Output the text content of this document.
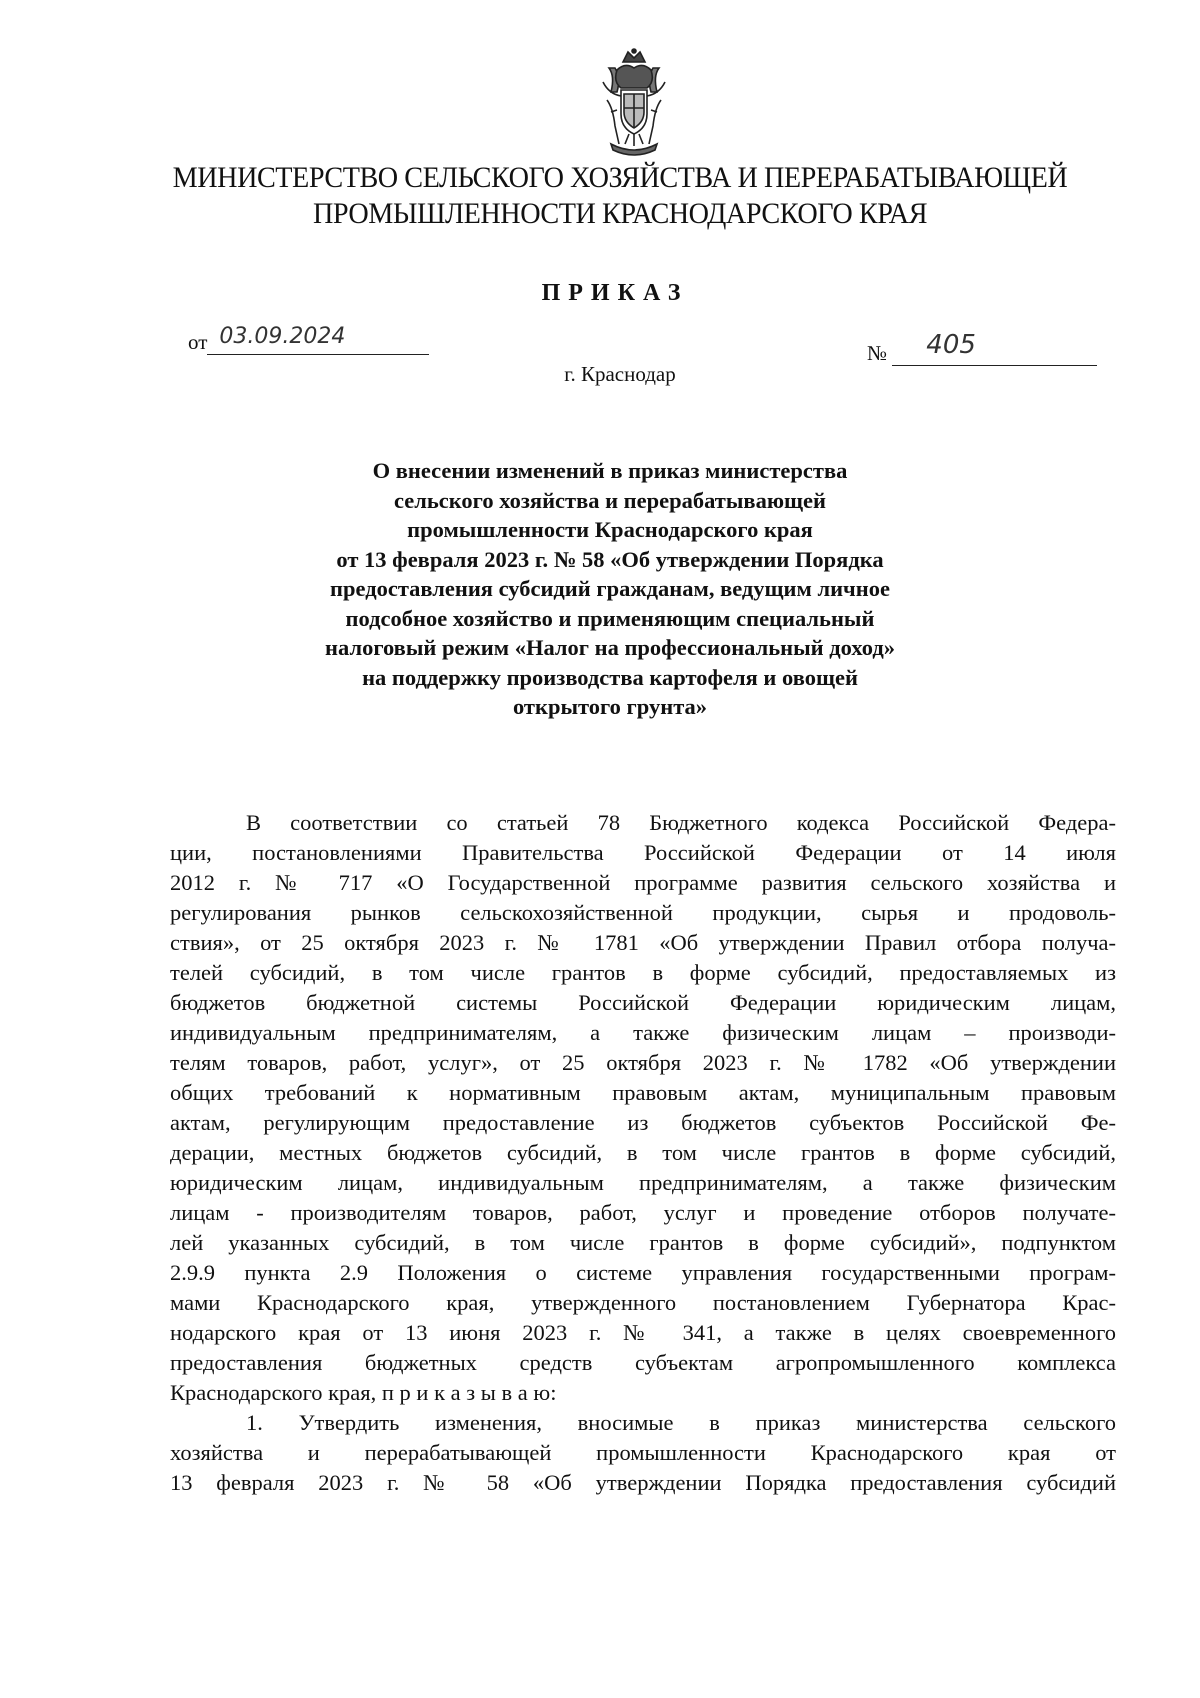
МИНИСТЕРСТВО СЕЛЬСКОГО ХОЗЯЙСТВА И ПЕРЕРАБАТЫВАЮЩЕЙ
ПРОМЫШЛЕННОСТИ КРАСНОДАРСКОГО КРАЯ
ПРИКАЗ
от 03.09.2024
№ 405
г. Краснодар
О внесении изменений в приказ министерства
сельского хозяйства и перерабатывающей
промышленности Краснодарского края
от 13 февраля 2023 г. № 58 «Об утверждении Порядка
предоставления субсидий гражданам, ведущим личное
подсобное хозяйство и применяющим специальный
налоговый режим «Налог на профессиональный доход»
на поддержку производства картофеля и овощей
открытого грунта»
В соответствии со статьей 78 Бюджетного кодекса Российской Федера-
ции, постановлениями Правительства Российской Федерации от 14 июля
2012 г. № 717 «О Государственной программе развития сельского хозяйства и
регулирования рынков сельскохозяйственной продукции, сырья и продоволь-
ствия», от 25 октября 2023 г. № 1781 «Об утверждении Правил отбора получа-
телей субсидий, в том числе грантов в форме субсидий, предоставляемых из
бюджетов бюджетной системы Российской Федерации юридическим лицам,
индивидуальным предпринимателям, а также физическим лицам – производи-
телям товаров, работ, услуг», от 25 октября 2023 г. № 1782 «Об утверждении
общих требований к нормативным правовым актам, муниципальным правовым
актам, регулирующим предоставление из бюджетов субъектов Российской Фе-
дерации, местных бюджетов субсидий, в том числе грантов в форме субсидий,
юридическим лицам, индивидуальным предпринимателям, а также физическим
лицам - производителям товаров, работ, услуг и проведение отборов получате-
лей указанных субсидий, в том числе грантов в форме субсидий», подпунктом
2.9.9 пункта 2.9 Положения о системе управления государственными програм-
мами Краснодарского края, утвержденного постановлением Губернатора Крас-
нодарского края от 13 июня 2023 г. № 341, а также в целях своевременного
предоставления бюджетных средств субъектам агропромышленного комплекса
Краснодарского края, п р и к а з ы в а ю:
1. Утвердить изменения, вносимые в приказ министерства сельского
хозяйства и перерабатывающей промышленности Краснодарского края от
13 февраля 2023 г. № 58 «Об утверждении Порядка предоставления субсидий
